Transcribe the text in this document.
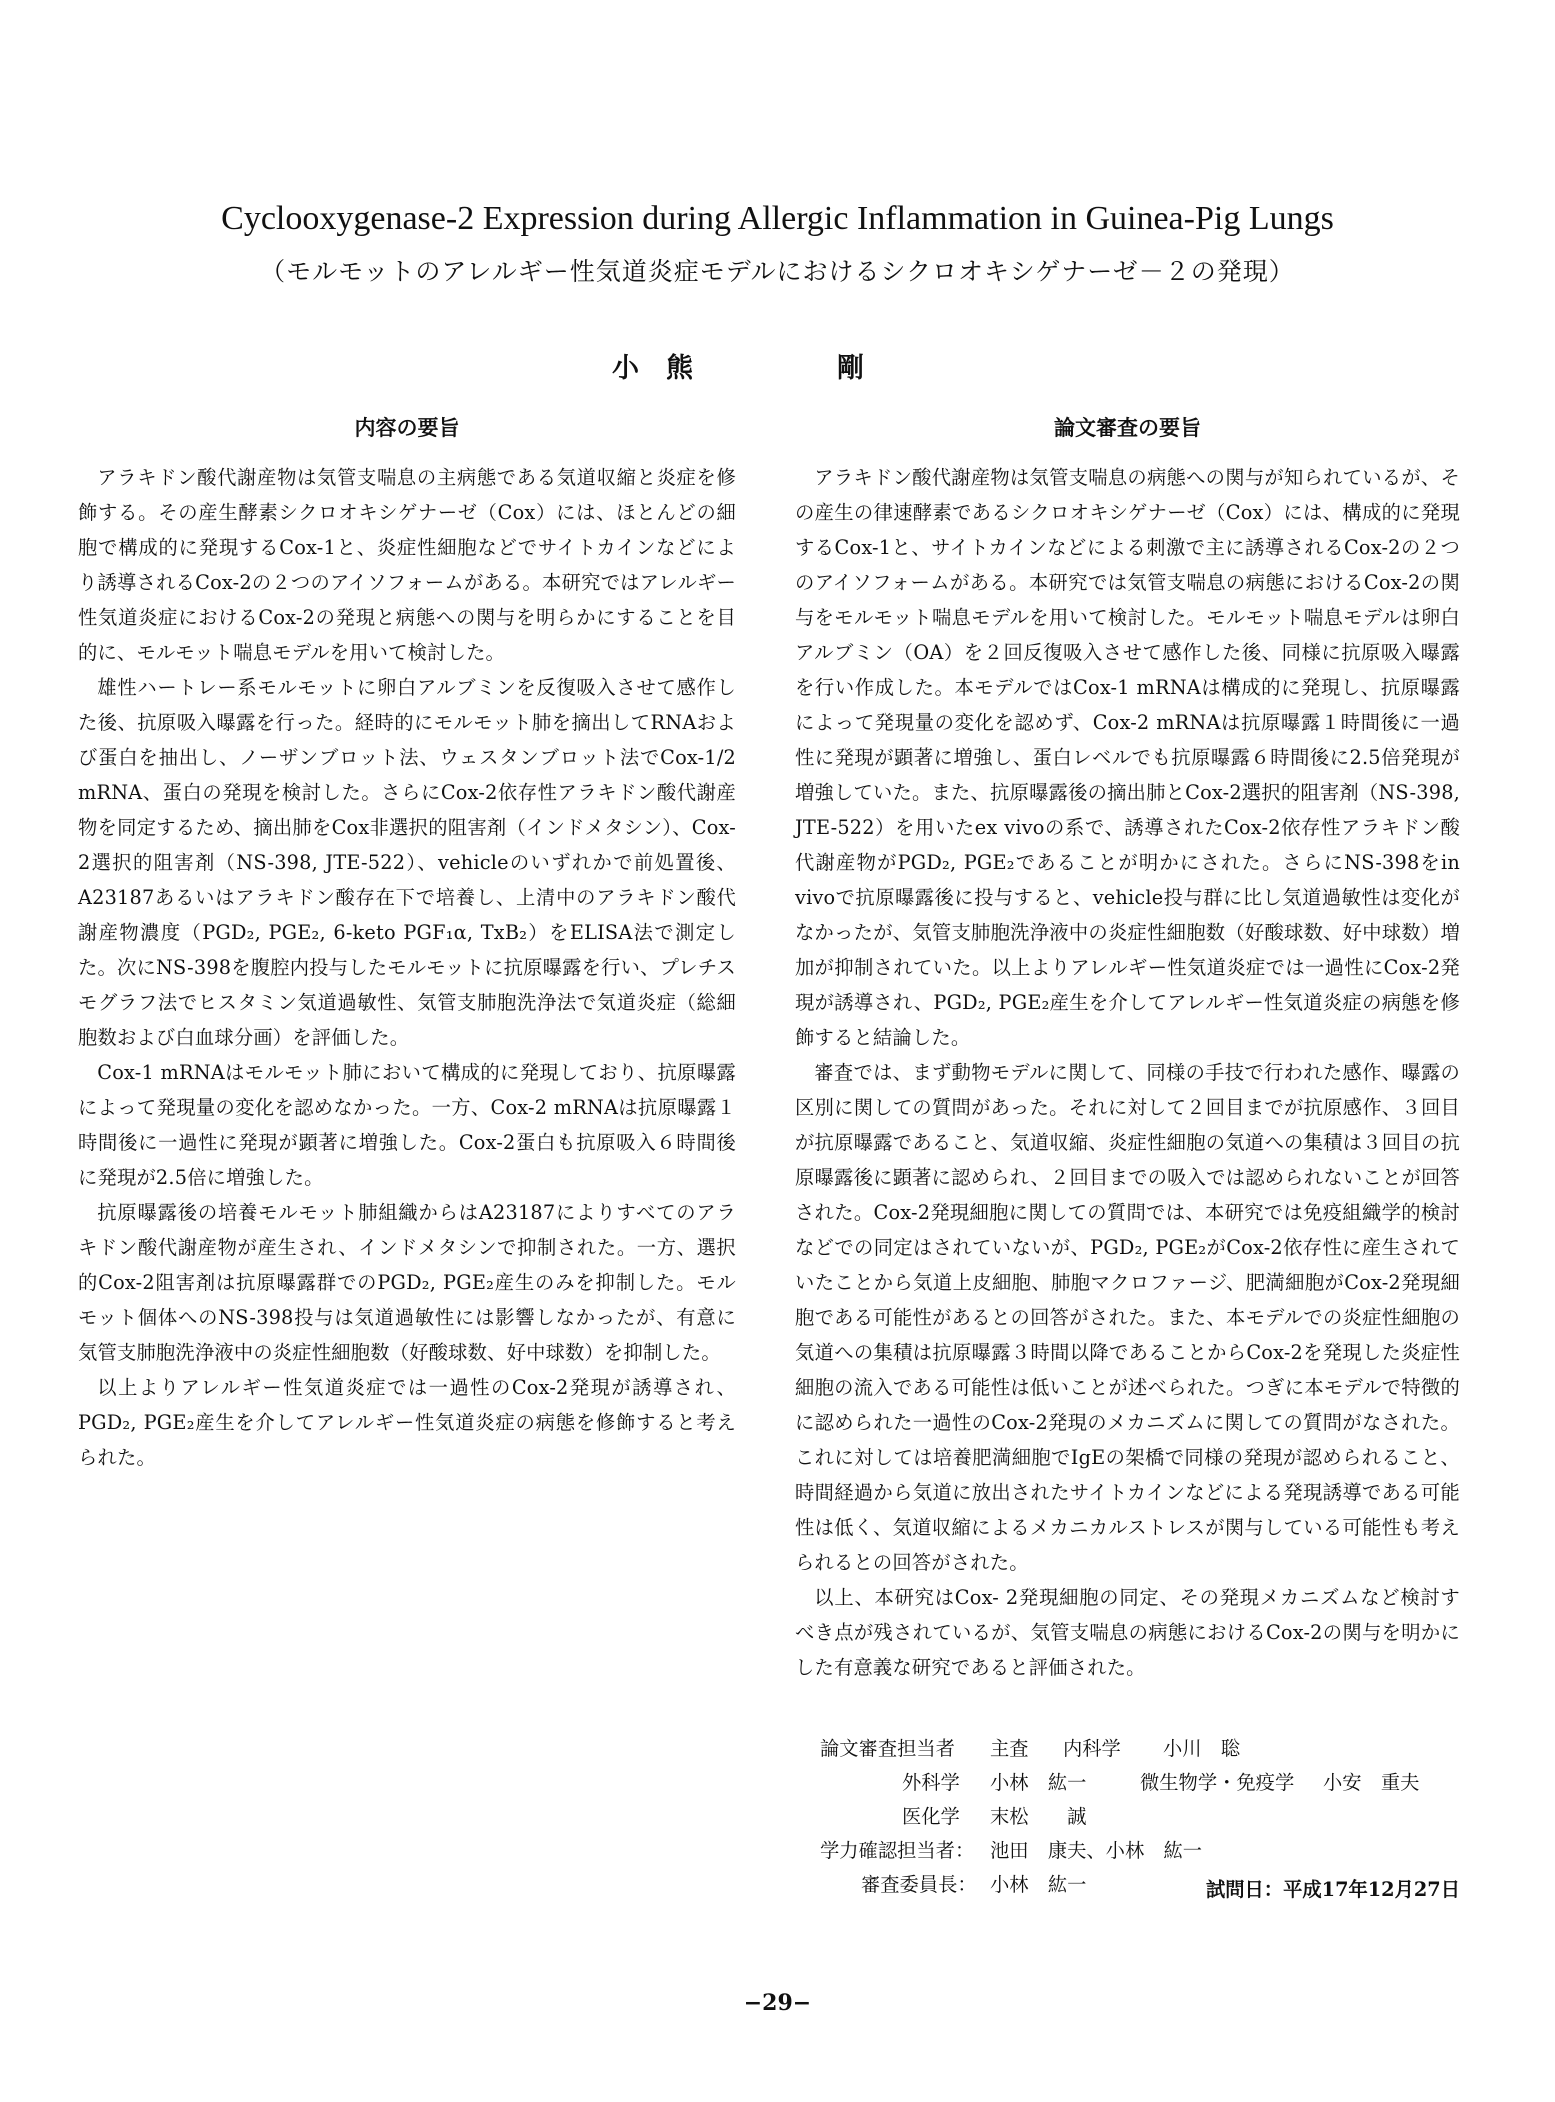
Cyclooxygenase-2 Expression during Allergic Inflammation in Guinea-Pig Lungs
（モルモットのアレルギー性気道炎症モデルにおけるシクロオキシゲナーゼ－２の発現）
小　熊	剛
内容の要旨	論文審査の要旨

アラキドン酸代謝産物は気管支喘息の主病態である気道収縮と炎症を修飾する。その産生酵素シクロオキシゲナーゼ（Cox）には、ほとんどの細胞で構成的に発現するCox-1と、炎症性細胞などでサイトカインなどにより誘導されるCox-2の２つのアイソフォームがある。本研究ではアレルギー性気道炎症におけるCox-2の発現と病態への関与を明らかにすることを目的に、モルモット喘息モデルを用いて検討した。

雄性ハートレー系モルモットに卵白アルブミンを反復吸入させて感作した後、抗原吸入曝露を行った。経時的にモルモット肺を摘出してRNAおよび蛋白を抽出し、ノーザンブロット法、ウェスタンブロット法でCox-1/2 mRNA、蛋白の発現を検討した。さらにCox-2依存性アラキドン酸代謝産物を同定するため、摘出肺をCox非選択的阻害剤（インドメタシン）、Cox-2選択的阻害剤（NS-398, JTE-522）、vehicleのいずれかで前処置後、A23187あるいはアラキドン酸存在下で培養し、上清中のアラキドン酸代謝産物濃度（PGD₂, PGE₂, 6-keto PGF₁α, TxB₂）をELISA法で測定した。次にNS-398を腹腔内投与したモルモットに抗原曝露を行い、プレチスモグラフ法でヒスタミン気道過敏性、気管支肺胞洗浄法で気道炎症（総細胞数および白血球分画）を評価した。

Cox-1 mRNAはモルモット肺において構成的に発現しており、抗原曝露によって発現量の変化を認めなかった。一方、Cox-2 mRNAは抗原曝露１時間後に一過性に発現が顕著に増強した。Cox-2蛋白も抗原吸入６時間後に発現が2.5倍に増強した。

抗原曝露後の培養モルモット肺組織からはA23187によりすべてのアラキドン酸代謝産物が産生され、インドメタシンで抑制された。一方、選択的Cox-2阻害剤は抗原曝露群でのPGD₂, PGE₂産生のみを抑制した。モルモット個体へのNS-398投与は気道過敏性には影響しなかったが、有意に気管支肺胞洗浄液中の炎症性細胞数（好酸球数、好中球数）を抑制した。

以上よりアレルギー性気道炎症では一過性のCox-2発現が誘導され、PGD₂, PGE₂産生を介してアレルギー性気道炎症の病態を修飾すると考えられた。

アラキドン酸代謝産物は気管支喘息の病態への関与が知られているが、その産生の律速酵素であるシクロオキシゲナーゼ（Cox）には、構成的に発現するCox-1と、サイトカインなどによる刺激で主に誘導されるCox-2の２つのアイソフォームがある。本研究では気管支喘息の病態におけるCox-2の関与をモルモット喘息モデルを用いて検討した。モルモット喘息モデルは卵白アルブミン（OA）を２回反復吸入させて感作した後、同様に抗原吸入曝露を行い作成した。本モデルではCox-1 mRNAは構成的に発現し、抗原曝露によって発現量の変化を認めず、Cox-2 mRNAは抗原曝露１時間後に一過性に発現が顕著に増強し、蛋白レベルでも抗原曝露６時間後に2.5倍発現が増強していた。また、抗原曝露後の摘出肺とCox-2選択的阻害剤（NS-398, JTE-522）を用いたex vivoの系で、誘導されたCox-2依存性アラキドン酸代謝産物がPGD₂, PGE₂であることが明かにされた。さらにNS-398をin vivoで抗原曝露後に投与すると、vehicle投与群に比し気道過敏性は変化がなかったが、気管支肺胞洗浄液中の炎症性細胞数（好酸球数、好中球数）増加が抑制されていた。以上よりアレルギー性気道炎症では一過性にCox-2発現が誘導され、PGD₂, PGE₂産生を介してアレルギー性気道炎症の病態を修飾すると結論した。

審査では、まず動物モデルに関して、同様の手技で行われた感作、曝露の区別に関しての質問があった。それに対して２回目までが抗原感作、３回目が抗原曝露であること、気道収縮、炎症性細胞の気道への集積は３回目の抗原曝露後に顕著に認められ、２回目までの吸入では認められないことが回答された。Cox-2発現細胞に関しての質問では、本研究では免疫組織学的検討などでの同定はされていないが、PGD₂, PGE₂がCox-2依存性に産生されていたことから気道上皮細胞、肺胞マクロファージ、肥満細胞がCox-2発現細胞である可能性があるとの回答がされた。また、本モデルでの炎症性細胞の気道への集積は抗原曝露３時間以降であることからCox-2を発現した炎症性細胞の流入である可能性は低いことが述べられた。つぎに本モデルで特徴的に認められた一過性のCox-2発現のメカニズムに関しての質問がなされた。これに対しては培養肥満細胞でIgEの架橋で同様の発現が認められること、時間経過から気道に放出されたサイトカインなどによる発現誘導である可能性は低く、気道収縮によるメカニカルストレスが関与している可能性も考えられるとの回答がされた。

以上、本研究はCox- 2発現細胞の同定、その発現メカニズムなど検討すべき点が残されているが、気管支喘息の病態におけるCox-2の関与を明かにした有意義な研究であると評価された。

論文審査担当者 主査 内科学 小川　聡
外科学 小林　紘一	微生物学・免疫学 小安　重夫
医化学 末松　　誠
学力確認担当者： 池田　康夫、小林　紘一
審査委員長： 小林　紘一	試問日：平成17年12月27日
−29−
